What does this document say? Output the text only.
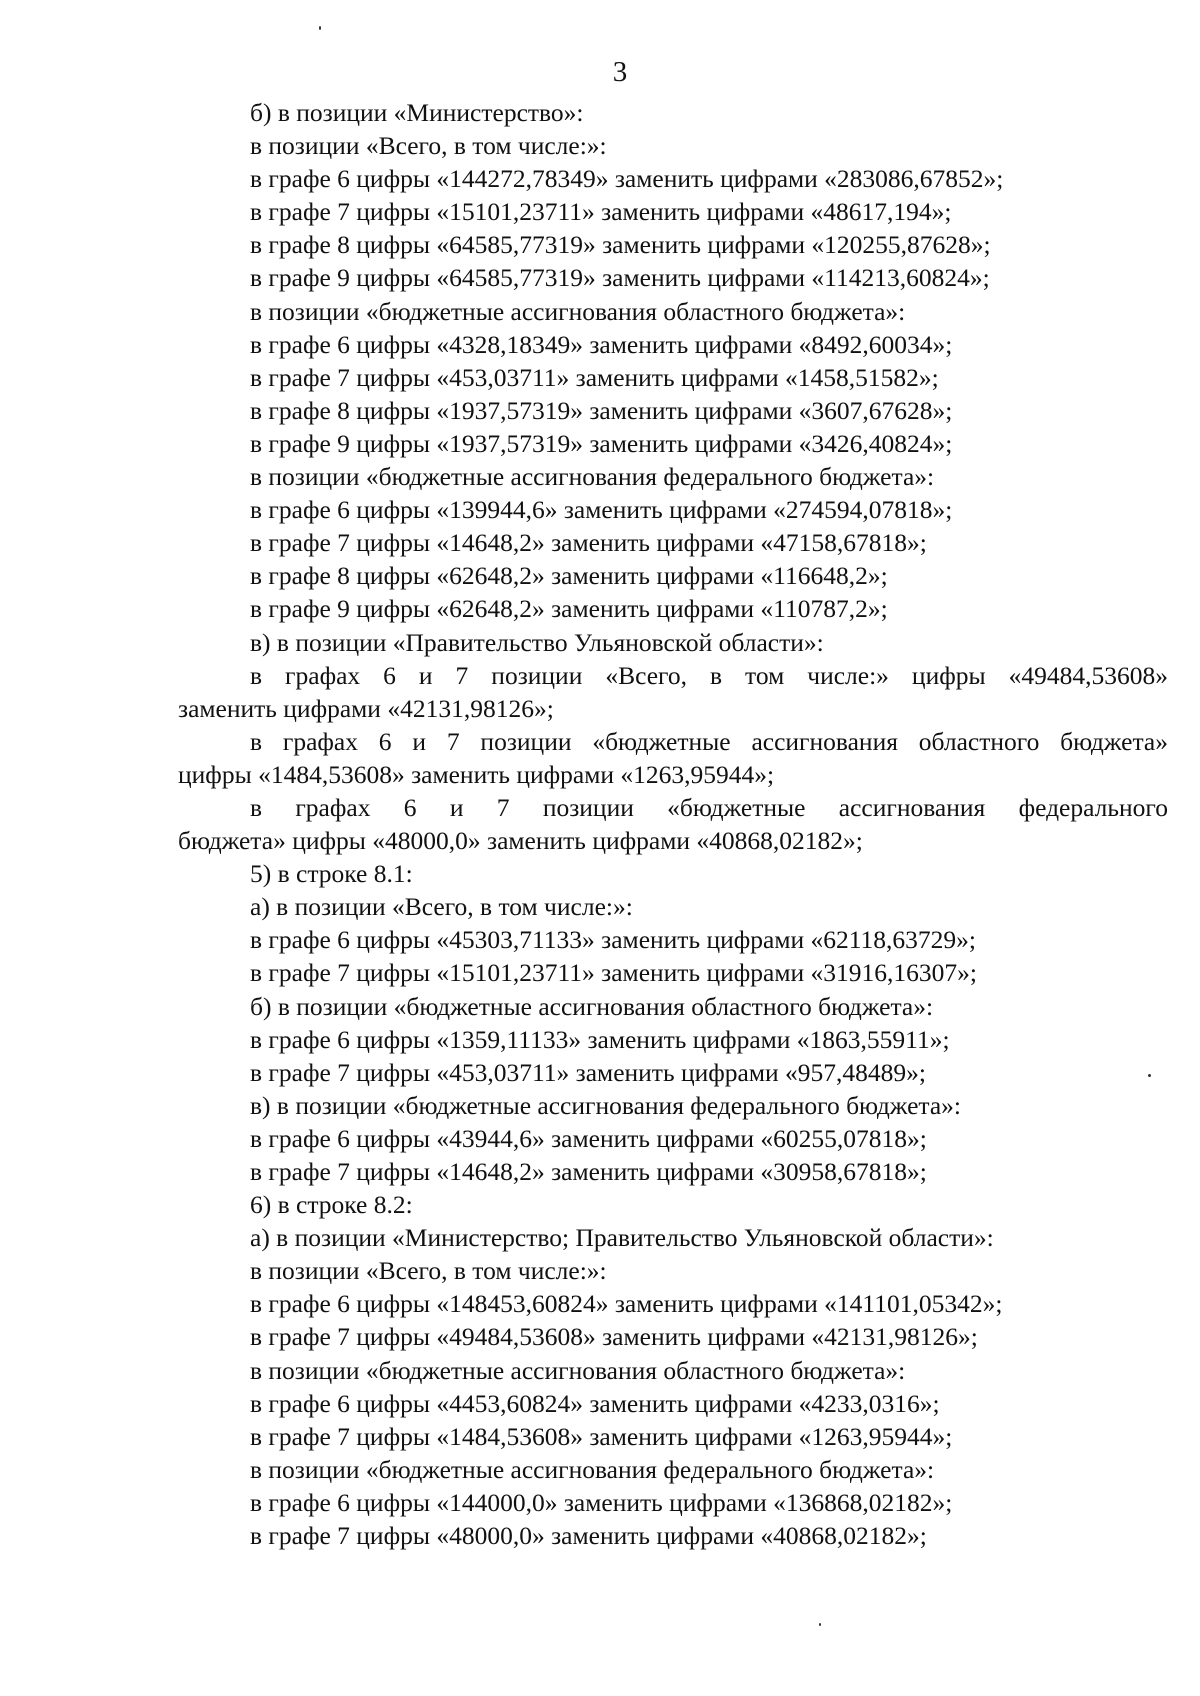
3
б) в позиции «Министерство»:
в позиции «Всего, в том числе:»:
в графе 6 цифры «144272,78349» заменить цифрами «283086,67852»;
в графе 7 цифры «15101,23711» заменить цифрами «48617,194»;
в графе 8 цифры «64585,77319» заменить цифрами «120255,87628»;
в графе 9 цифры «64585,77319» заменить цифрами «114213,60824»;
в позиции «бюджетные ассигнования областного бюджета»:
в графе 6 цифры «4328,18349» заменить цифрами «8492,60034»;
в графе 7 цифры «453,03711» заменить цифрами «1458,51582»;
в графе 8 цифры «1937,57319» заменить цифрами «3607,67628»;
в графе 9 цифры «1937,57319» заменить цифрами «3426,40824»;
в позиции «бюджетные ассигнования федерального бюджета»:
в графе 6 цифры «139944,6» заменить цифрами «274594,07818»;
в графе 7 цифры «14648,2» заменить цифрами «47158,67818»;
в графе 8 цифры «62648,2» заменить цифрами «116648,2»;
в графе 9 цифры «62648,2» заменить цифрами «110787,2»;
в) в позиции «Правительство Ульяновской области»:
в графах 6 и 7 позиции «Всего, в том числе:» цифры «49484,53608»
заменить цифрами «42131,98126»;
в графах 6 и 7 позиции «бюджетные ассигнования областного бюджета»
цифры «1484,53608» заменить цифрами «1263,95944»;
в графах 6 и 7 позиции «бюджетные ассигнования федерального
бюджета» цифры «48000,0» заменить цифрами «40868,02182»;
5) в строке 8.1:
а) в позиции «Всего, в том числе:»:
в графе 6 цифры «45303,71133» заменить цифрами «62118,63729»;
в графе 7 цифры «15101,23711» заменить цифрами «31916,16307»;
б) в позиции «бюджетные ассигнования областного бюджета»:
в графе 6 цифры «1359,11133» заменить цифрами «1863,55911»;
в графе 7 цифры «453,03711» заменить цифрами «957,48489»;
в) в позиции «бюджетные ассигнования федерального бюджета»:
в графе 6 цифры «43944,6» заменить цифрами «60255,07818»;
в графе 7 цифры «14648,2» заменить цифрами «30958,67818»;
6) в строке 8.2:
а) в позиции «Министерство; Правительство Ульяновской области»:
в позиции «Всего, в том числе:»:
в графе 6 цифры «148453,60824» заменить цифрами «141101,05342»;
в графе 7 цифры «49484,53608» заменить цифрами «42131,98126»;
в позиции «бюджетные ассигнования областного бюджета»:
в графе 6 цифры «4453,60824» заменить цифрами «4233,0316»;
в графе 7 цифры «1484,53608» заменить цифрами «1263,95944»;
в позиции «бюджетные ассигнования федерального бюджета»:
в графе 6 цифры «144000,0» заменить цифрами «136868,02182»;
в графе 7 цифры «48000,0» заменить цифрами «40868,02182»;
